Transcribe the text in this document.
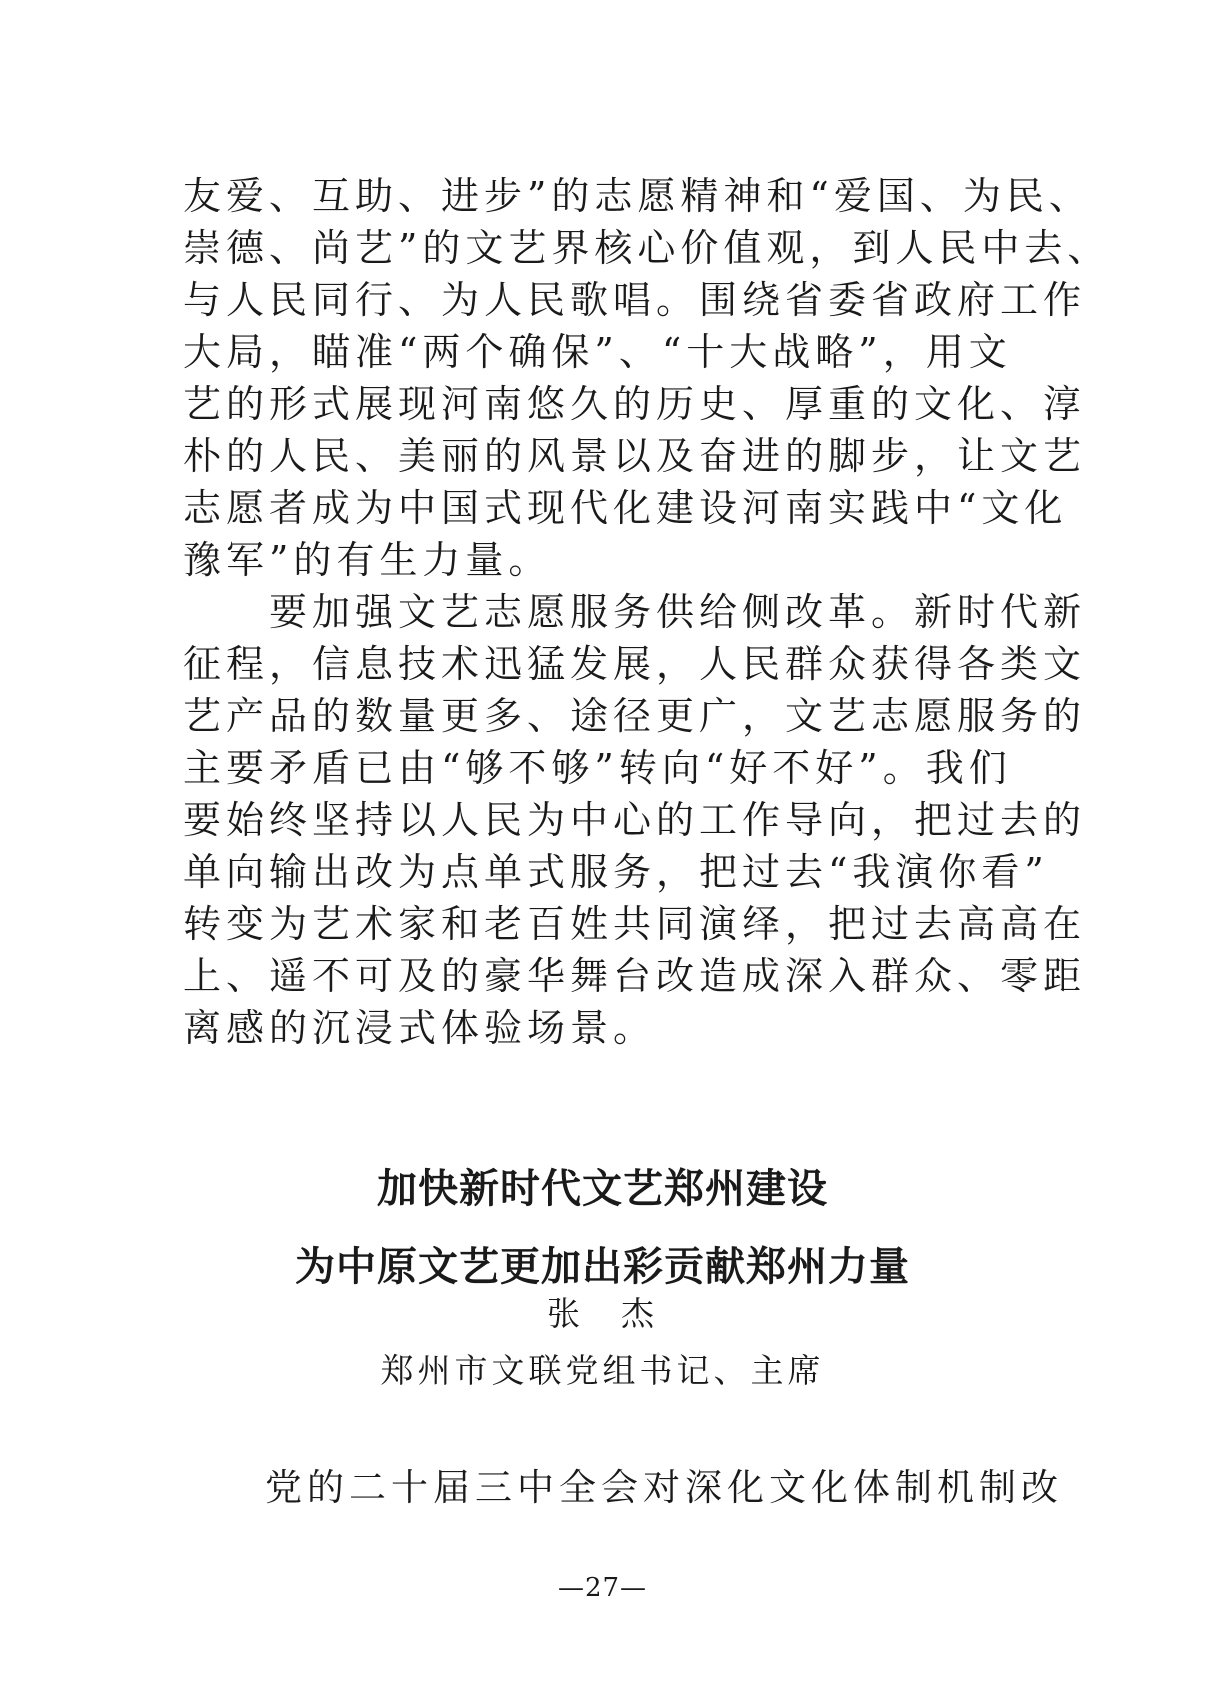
友爱、互助、进步”的志愿精神和“爱国、为民、
崇德、尚艺”的文艺界核心价值观，到人民中去、
与人民同行、为人民歌唱。围绕省委省政府工作
大局，瞄准“两个确保”、“十大战略”，用文
艺的形式展现河南悠久的历史、厚重的文化、淳
朴的人民、美丽的风景以及奋进的脚步，让文艺
志愿者成为中国式现代化建设河南实践中“文化
豫军”的有生力量。
要加强文艺志愿服务供给侧改革。新时代新
征程，信息技术迅猛发展，人民群众获得各类文
艺产品的数量更多、途径更广，文艺志愿服务的
主要矛盾已由“够不够”转向“好不好”。我们
要始终坚持以人民为中心的工作导向，把过去的
单向输出改为点单式服务，把过去“我演你看”
转变为艺术家和老百姓共同演绎，把过去高高在
上、遥不可及的豪华舞台改造成深入群众、零距
离感的沉浸式体验场景。
加快新时代文艺郑州建设
为中原文艺更加出彩贡献郑州力量
张　杰
郑州市文联党组书记、主席
党的二十届三中全会对深化文化体制机制改
—27—
